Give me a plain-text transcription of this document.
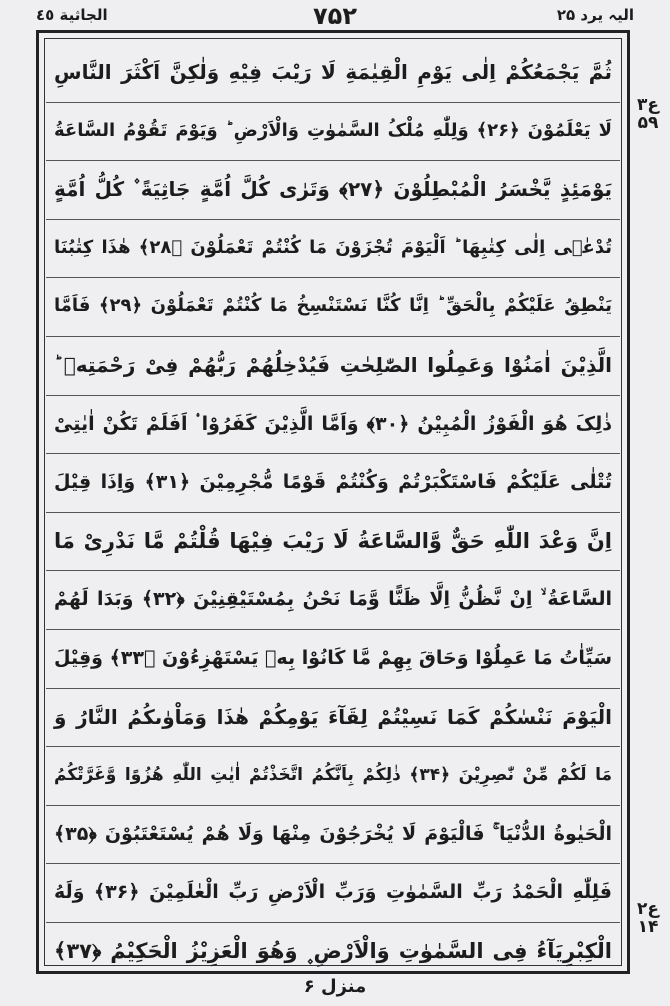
الجاثية ٤٥	۷۵۲	الیہ یرد ۲۵
ثُمَّ یَجْمَعُکُمْ اِلٰی یَوْمِ الْقِیٰمَةِ لَا رَیْبَ فِیْهِ وَلٰکِنَّ اَکْثَرَ النَّاسِ
لَا یَعْلَمُوْنَ ﴿۲۶﴾ وَلِلّٰهِ مُلْکُ السَّمٰوٰتِ وَالْاَرْضِ ؕ وَیَوْمَ تَقُوْمُ السَّاعَةُ
یَوْمَئِذٍ یَّخْسَرُ الْمُبْطِلُوْنَ ﴿۲۷﴾ وَتَرٰی کُلَّ اُمَّةٍ جَاثِیَةً ۫ کُلُّ اُمَّةٍ
تُدْعٰۤی اِلٰی کِتٰبِهَا ؕ اَلْیَوْمَ تُجْزَوْنَ مَا کُنْتُمْ تَعْمَلُوْنَ ﴿۲۸﴾ هٰذَا کِتٰبُنَا
یَنْطِقُ عَلَیْکُمْ بِالْحَقِّ ؕ اِنَّا کُنَّا نَسْتَنْسِخُ مَا کُنْتُمْ تَعْمَلُوْنَ ﴿۲۹﴾ فَاَمَّا
الَّذِیْنَ اٰمَنُوْا وَعَمِلُوا الصّٰلِحٰتِ فَیُدْخِلُهُمْ رَبُّهُمْ فِیْ رَحْمَتِهٖ ؕ
ذٰلِکَ هُوَ الْفَوْزُ الْمُبِیْنُ ﴿۳۰﴾ وَاَمَّا الَّذِیْنَ کَفَرُوْا ۟ اَفَلَمْ تَکُنْ اٰیٰتِیْ
تُتْلٰی عَلَیْکُمْ فَاسْتَکْبَرْتُمْ وَکُنْتُمْ قَوْمًا مُّجْرِمِیْنَ ﴿۳۱﴾ وَاِذَا قِیْلَ
اِنَّ وَعْدَ اللّٰهِ حَقٌّ وَّالسَّاعَةُ لَا رَیْبَ فِیْهَا قُلْتُمْ مَّا نَدْرِیْ مَا
السَّاعَةُ ۙ اِنْ نَّظُنُّ اِلَّا ظَنًّا وَّمَا نَحْنُ بِمُسْتَیْقِنِیْنَ ﴿۳۲﴾ وَبَدَا لَهُمْ
سَیِّاٰتُ مَا عَمِلُوْا وَحَاقَ بِهِمْ مَّا کَانُوْا بِهٖ یَسْتَهْزِءُوْنَ ﴿۳۳﴾ وَقِیْلَ
الْیَوْمَ نَنْسٰکُمْ کَمَا نَسِیْتُمْ لِقَآءَ یَوْمِکُمْ هٰذَا وَمَاْوٰىکُمُ النَّارُ وَ
مَا لَکُمْ مِّنْ نّٰصِرِیْنَ ﴿۳۴﴾ ذٰلِکُمْ بِاَنَّکُمُ اتَّخَذْتُمْ اٰیٰتِ اللّٰهِ هُزُوًا وَّغَرَّتْکُمُ
الْحَیٰوةُ الدُّنْیَا ۚ فَالْیَوْمَ لَا یُخْرَجُوْنَ مِنْهَا وَلَا هُمْ یُسْتَعْتَبُوْنَ ﴿۳۵﴾
فَلِلّٰهِ الْحَمْدُ رَبِّ السَّمٰوٰتِ وَرَبِّ الْاَرْضِ رَبِّ الْعٰلَمِیْنَ ﴿۳۶﴾ وَلَهُ
الْکِبْرِیَآءُ فِی السَّمٰوٰتِ وَالْاَرْضِ ۪ وَهُوَ الْعَزِیْزُ الْحَکِیْمُ ﴿۳۷﴾
ع۳ ۵۹
ع۲ ۱۴
منزل ۶
